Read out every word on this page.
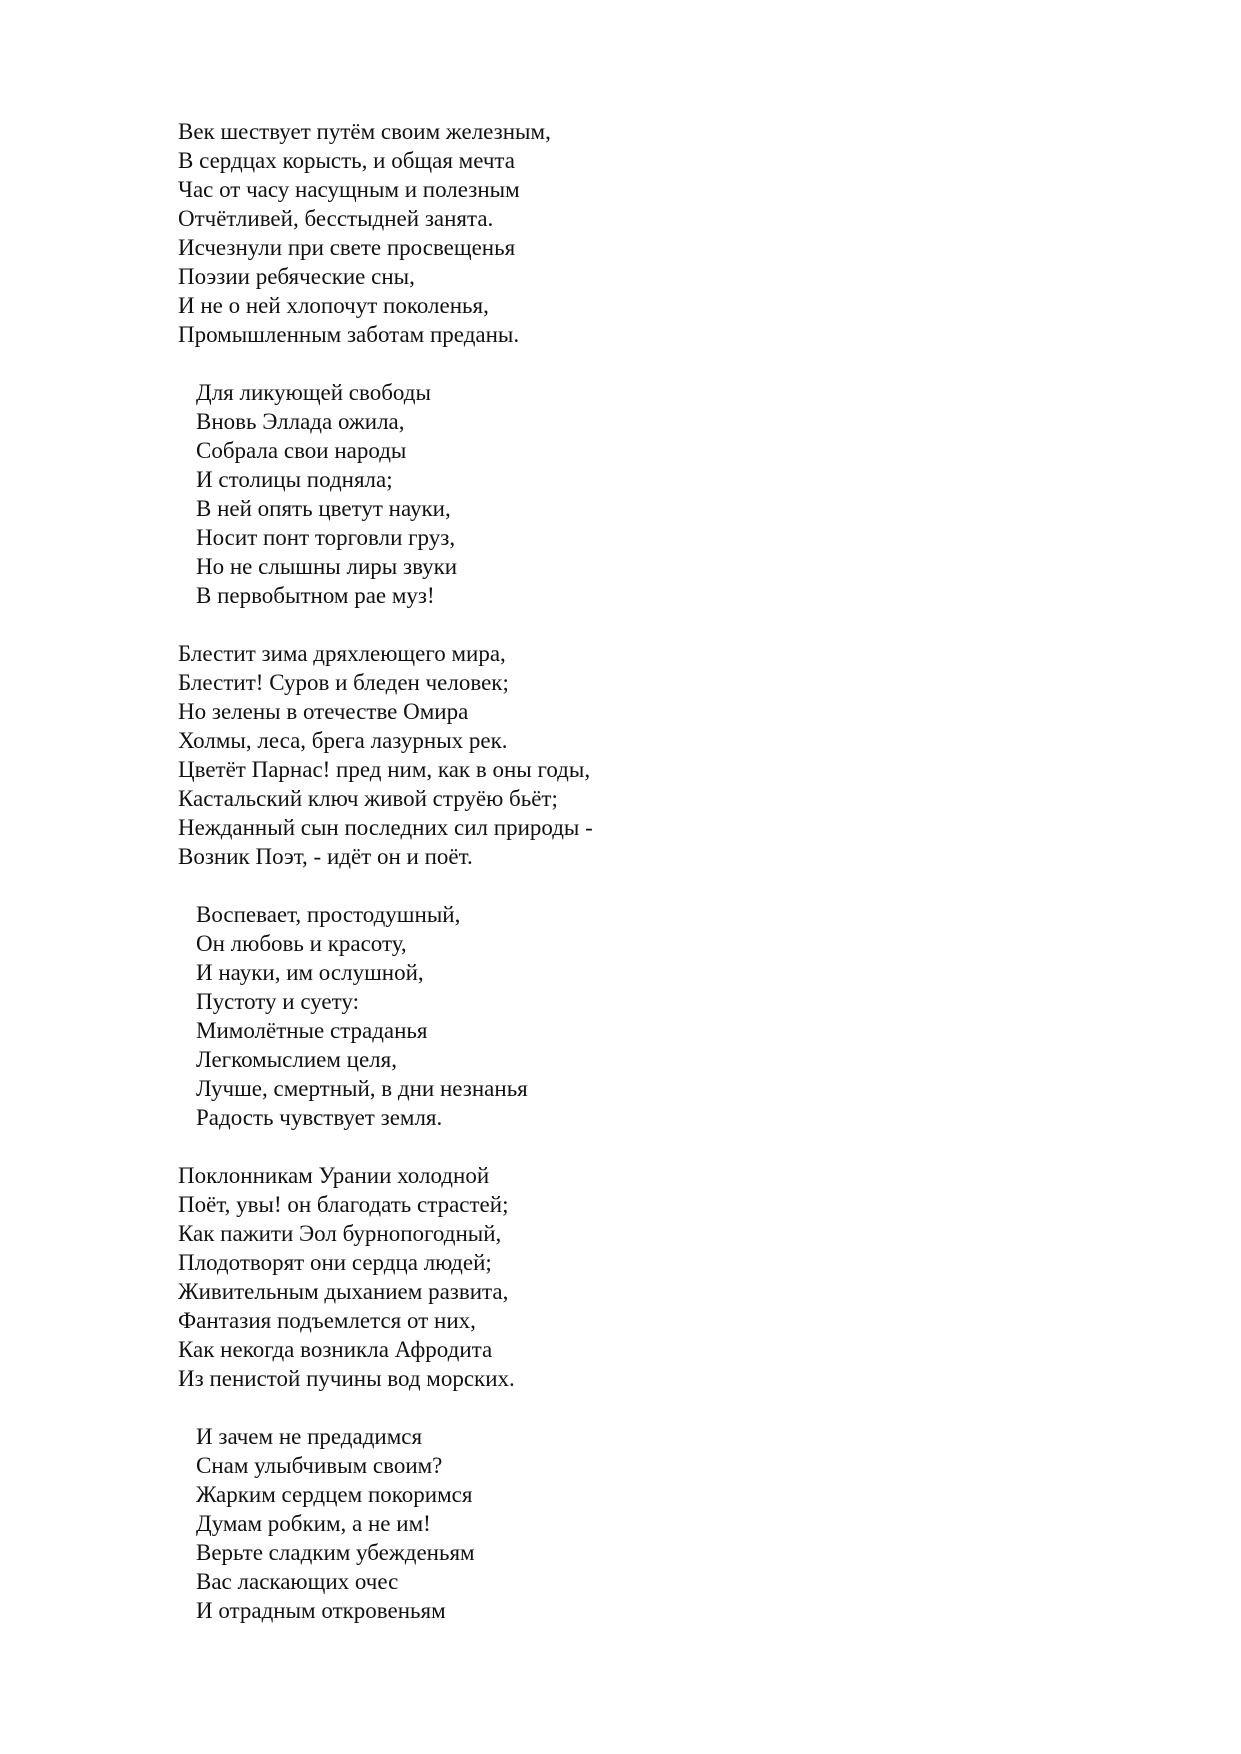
Век шествует путём своим железным,
В сердцах корысть, и общая мечта
Час от часу насущным и полезным
Отчётливей, бесстыдней занята.
Исчезнули при свете просвещенья
Поэзии ребяческие сны,
И не о ней хлопочут поколенья,
Промышленным заботам преданы.
Для ликующей свободы
Вновь Эллада ожила,
Собрала свои народы
И столицы подняла;
В ней опять цветут науки,
Носит понт торговли груз,
Но не слышны лиры звуки
В первобытном рае муз!
Блестит зима дряхлеющего мира,
Блестит! Суров и бледен человек;
Но зелены в отечестве Омира
Холмы, леса, брега лазурных рек.
Цветёт Парнас! пред ним, как в оны годы,
Кастальский ключ живой струёю бьёт;
Нежданный сын последних сил природы -
Возник Поэт, - идёт он и поёт.
Воспевает, простодушный,
Он любовь и красоту,
И науки, им ослушной,
Пустоту и суету:
Мимолётные страданья
Легкомыслием целя,
Лучше, смертный, в дни незнанья
Радость чувствует земля.
Поклонникам Урании холодной
Поёт, увы! он благодать страстей;
Как пажити Эол бурнопогодный,
Плодотворят они сердца людей;
Живительным дыханием развита,
Фантазия подъемлется от них,
Как некогда возникла Афродита
Из пенистой пучины вод морских.
И зачем не предадимся
Снам улыбчивым своим?
Жарким сердцем покоримся
Думам робким, а не им!
Верьте сладким убежденьям
Вас ласкающих очес
И отрадным откровеньям
